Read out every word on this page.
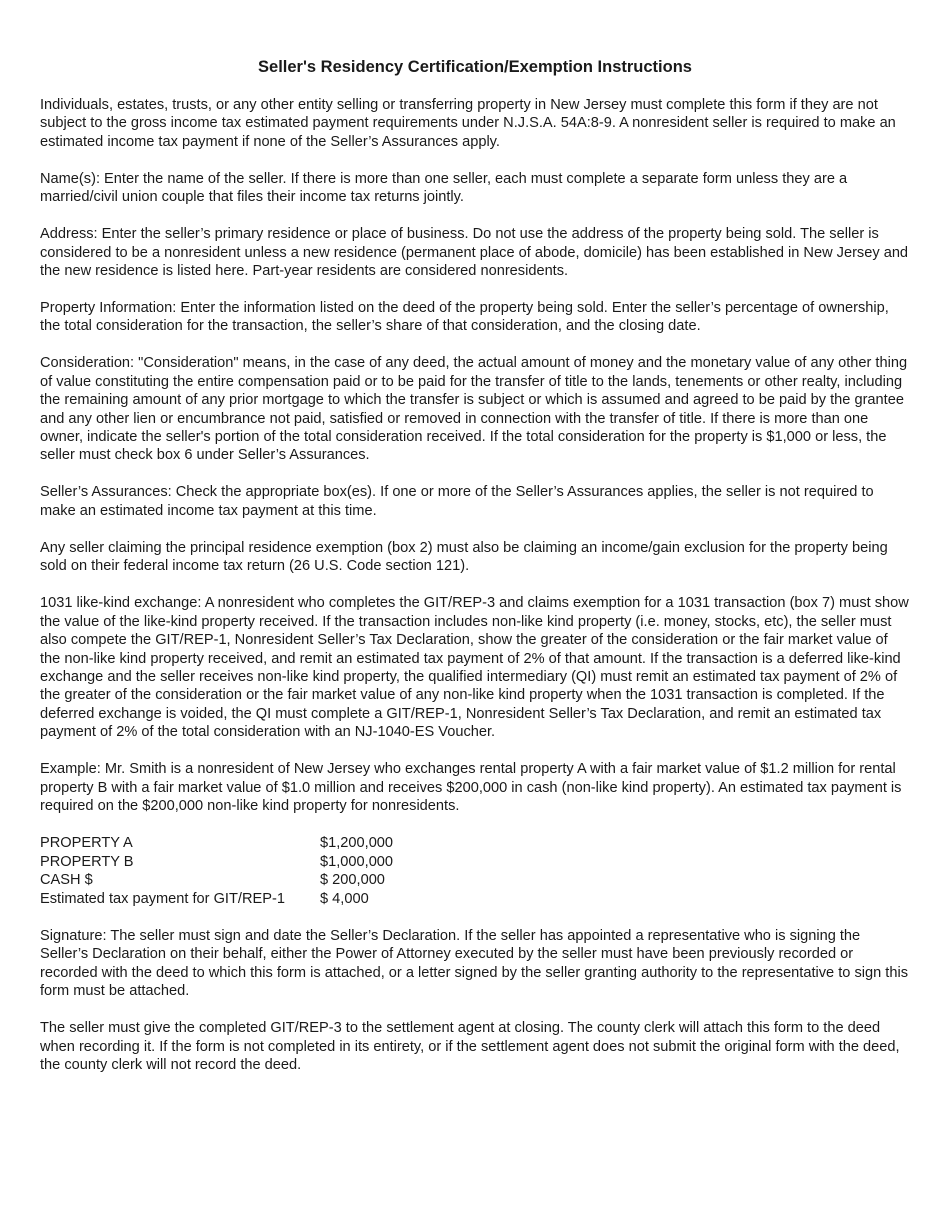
Seller's Residency Certification/Exemption Instructions

Individuals, estates, trusts, or any other entity selling or transferring property in New Jersey must complete this form if they are not subject to the gross income tax estimated payment requirements under N.J.S.A. 54A:8-9. A nonresident seller is required to make an estimated income tax payment if none of the Seller’s Assurances apply.

Name(s): Enter the name of the seller. If there is more than one seller, each must complete a separate form unless they are a married/civil union couple that files their income tax returns jointly.

Address: Enter the seller’s primary residence or place of business. Do not use the address of the property being sold. The seller is considered to be a nonresident unless a new residence (permanent place of abode, domicile) has been established in New Jersey and the new residence is listed here. Part-year residents are considered nonresidents.

Property Information: Enter the information listed on the deed of the property being sold. Enter the seller’s percentage of ownership, the total consideration for the transaction, the seller’s share of that consideration, and the closing date.

Consideration: "Consideration" means, in the case of any deed, the actual amount of money and the monetary value of any other thing of value constituting the entire compensation paid or to be paid for the transfer of title to the lands, tenements or other realty, including the remaining amount of any prior mortgage to which the transfer is subject or which is assumed and agreed to be paid by the grantee and any other lien or encumbrance not paid, satisfied or removed in connection with the transfer of title. If there is more than one owner, indicate the seller's portion of the total consideration received. If the total consideration for the property is $1,000 or less, the seller must check box 6 under Seller’s Assurances.

Seller’s Assurances: Check the appropriate box(es). If one or more of the Seller’s Assurances applies, the seller is not required to make an estimated income tax payment at this time.

Any seller claiming the principal residence exemption (box 2) must also be claiming an income/gain exclusion for the property being sold on their federal income tax return (26 U.S. Code section 121).

1031 like-kind exchange: A nonresident who completes the GIT/REP-3 and claims exemption for a 1031 transaction (box 7) must show the value of the like-kind property received. If the transaction includes non-like kind property (i.e. money, stocks, etc), the seller must also compete the GIT/REP-1, Nonresident Seller’s Tax Declaration, show the greater of the consideration or the fair market value of the non-like kind property received, and remit an estimated tax payment of 2% of that amount. If the transaction is a deferred like-kind exchange and the seller receives non-like kind property, the qualified intermediary (QI) must remit an estimated tax payment of 2% of the greater of the consideration or the fair market value of any non-like kind property when the 1031 transaction is completed. If the deferred exchange is voided, the QI must complete a GIT/REP-1, Nonresident Seller’s Tax Declaration, and remit an estimated tax payment of 2% of the total consideration with an NJ-1040-ES Voucher.

Example: Mr. Smith is a nonresident of New Jersey who exchanges rental property A with a fair market value of $1.2 million for rental property B with a fair market value of $1.0 million and receives $200,000 in cash (non-like kind property). An estimated tax payment is required on the $200,000 non-like kind property for nonresidents.

PROPERTY A	$1,200,000
PROPERTY B	$1,000,000
CASH $	$ 200,000
Estimated tax payment for GIT/REP-1	$ 4,000

Signature: The seller must sign and date the Seller’s Declaration. If the seller has appointed a representative who is signing the Seller’s Declaration on their behalf, either the Power of Attorney executed by the seller must have been previously recorded or recorded with the deed to which this form is attached, or a letter signed by the seller granting authority to the representative to sign this form must be attached.

The seller must give the completed GIT/REP-3 to the settlement agent at closing. The county clerk will attach this form to the deed when recording it. If the form is not completed in its entirety, or if the settlement agent does not submit the original form with the deed, the county clerk will not record the deed.
